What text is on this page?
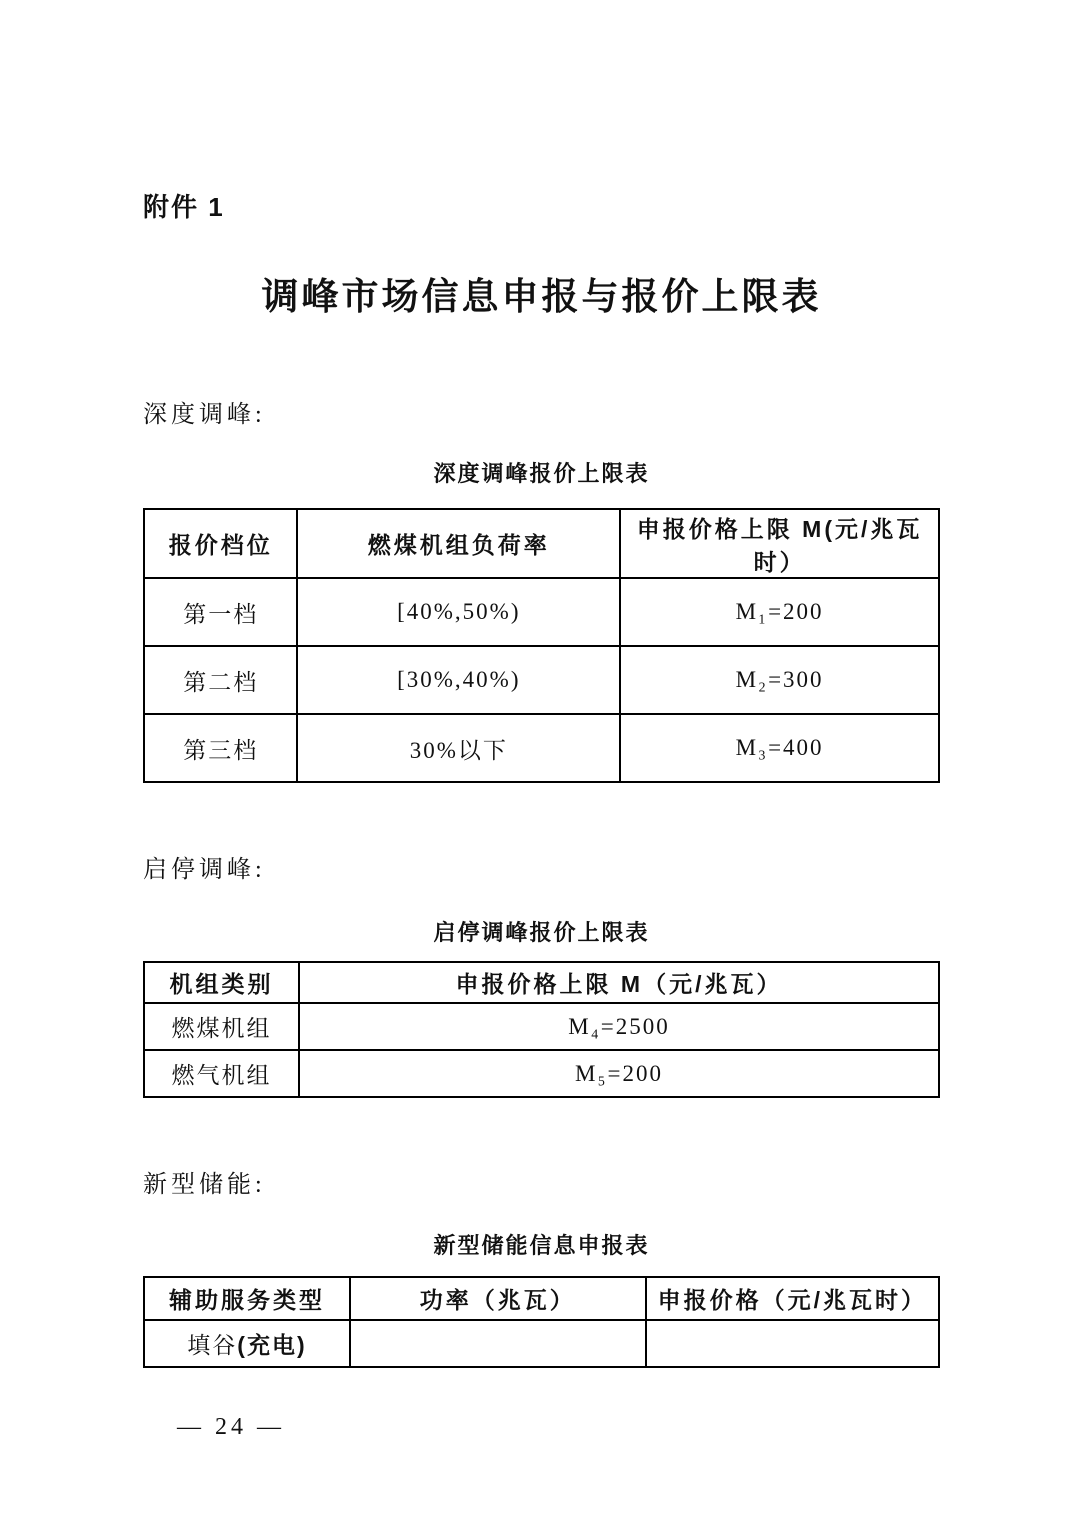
附件 1
调峰市场信息申报与报价上限表
深度调峰:
深度调峰报价上限表
报价档位	燃煤机组负荷率	申报价格上限 M(元/兆瓦时）
第一档	[40%,50%)	M₁=200
第二档	[30%,40%)	M₂=300
第三档	30%以下	M₃=400
启停调峰:
启停调峰报价上限表
机组类别	申报价格上限 M（元/兆瓦）
燃煤机组	M₄=2500
燃气机组	M₅=200
新型储能:
新型储能信息申报表
辅助服务类型	功率（兆瓦）	申报价格（元/兆瓦时）
填谷(充电)		
— 24 —
